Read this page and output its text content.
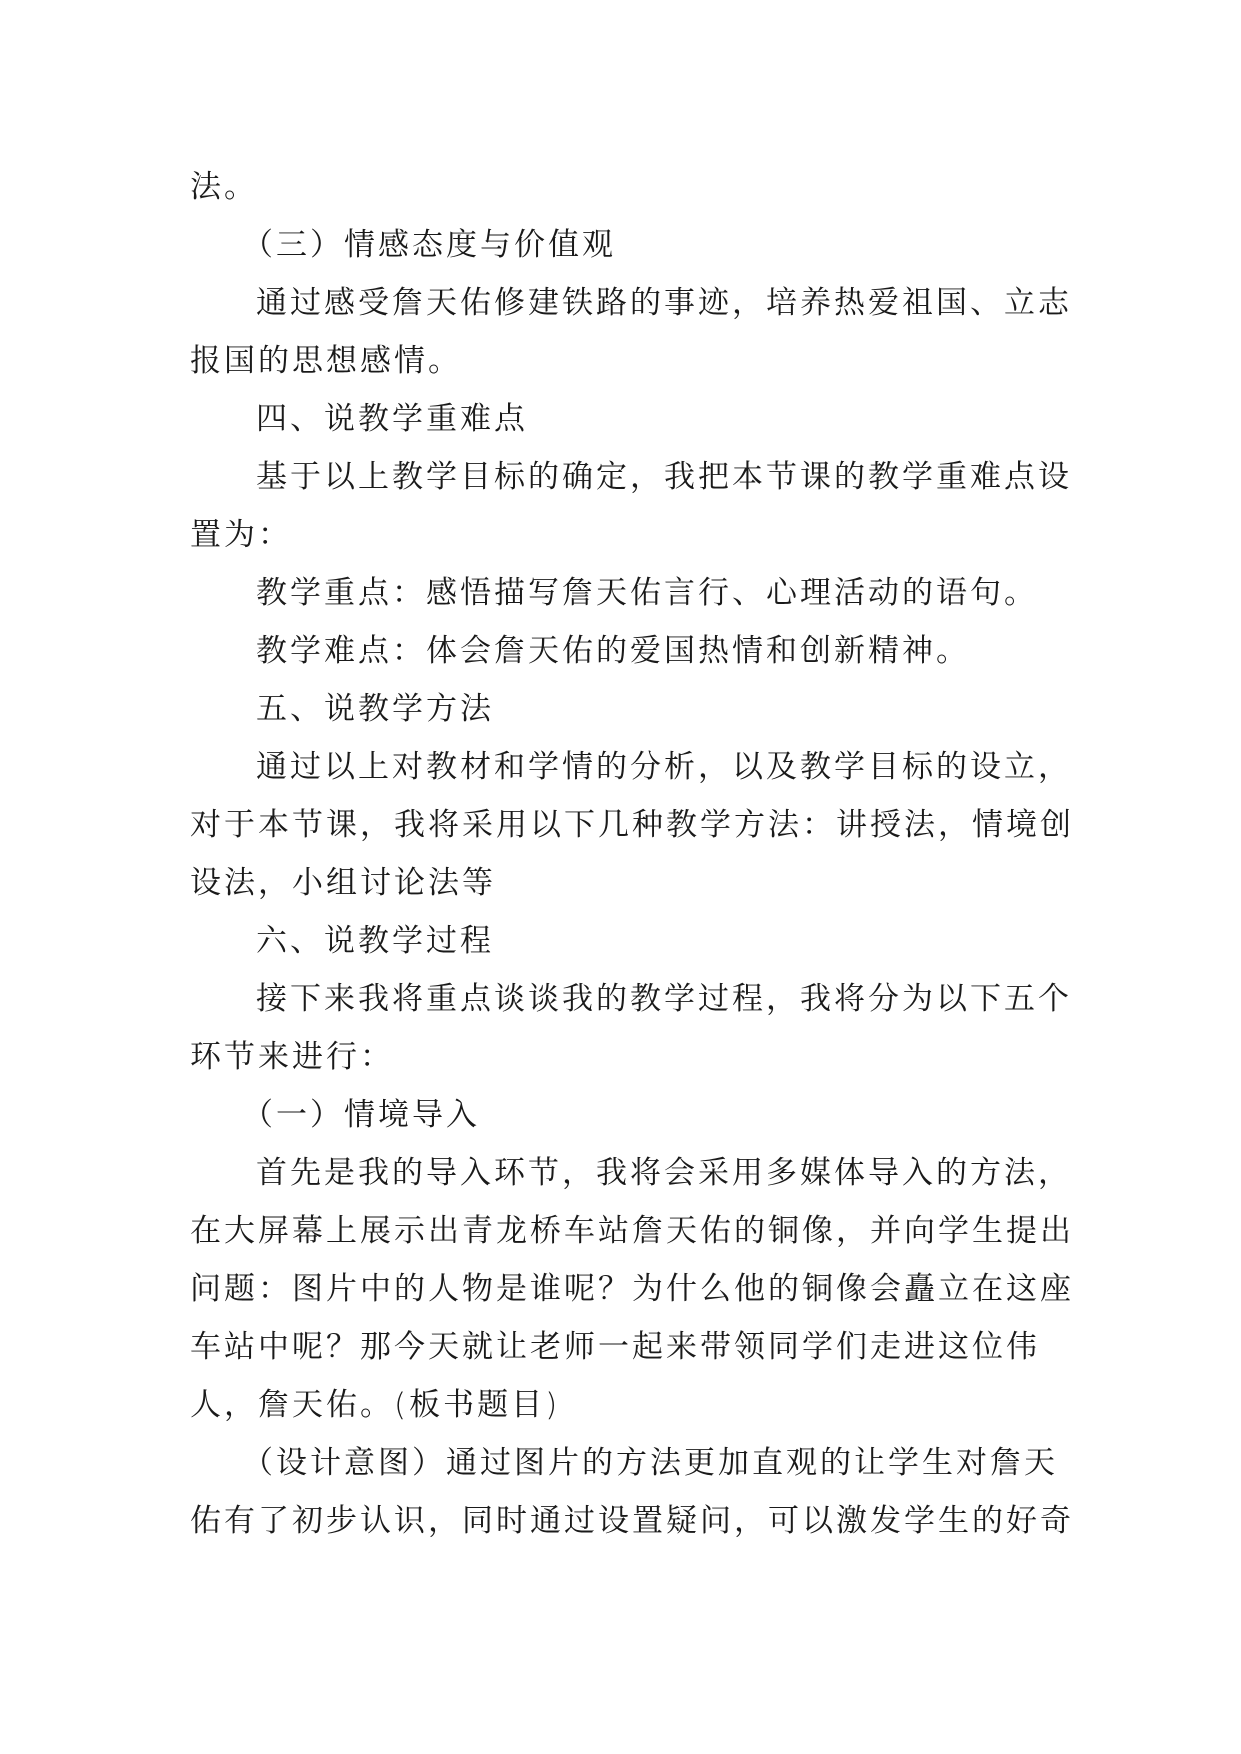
法。
（三）情感态度与价值观
通过感受詹天佑修建铁路的事迹，培养热爱祖国、立志
报国的思想感情。
四、说教学重难点
基于以上教学目标的确定，我把本节课的教学重难点设
置为：
教学重点：感悟描写詹天佑言行、心理活动的语句。
教学难点：体会詹天佑的爱国热情和创新精神。
五、说教学方法
通过以上对教材和学情的分析，以及教学目标的设立，
对于本节课，我将采用以下几种教学方法：讲授法，情境创
设法，小组讨论法等
六、说教学过程
接下来我将重点谈谈我的教学过程，我将分为以下五个
环节来进行：
（一）情境导入
首先是我的导入环节，我将会采用多媒体导入的方法，
在大屏幕上展示出青龙桥车站詹天佑的铜像，并向学生提出
问题：图片中的人物是谁呢？为什么他的铜像会矗立在这座
车站中呢？那今天就让老师一起来带领同学们走进这位伟
人，詹天佑。(板书题目)
（设计意图）通过图片的方法更加直观的让学生对詹天
佑有了初步认识，同时通过设置疑问，可以激发学生的好奇
